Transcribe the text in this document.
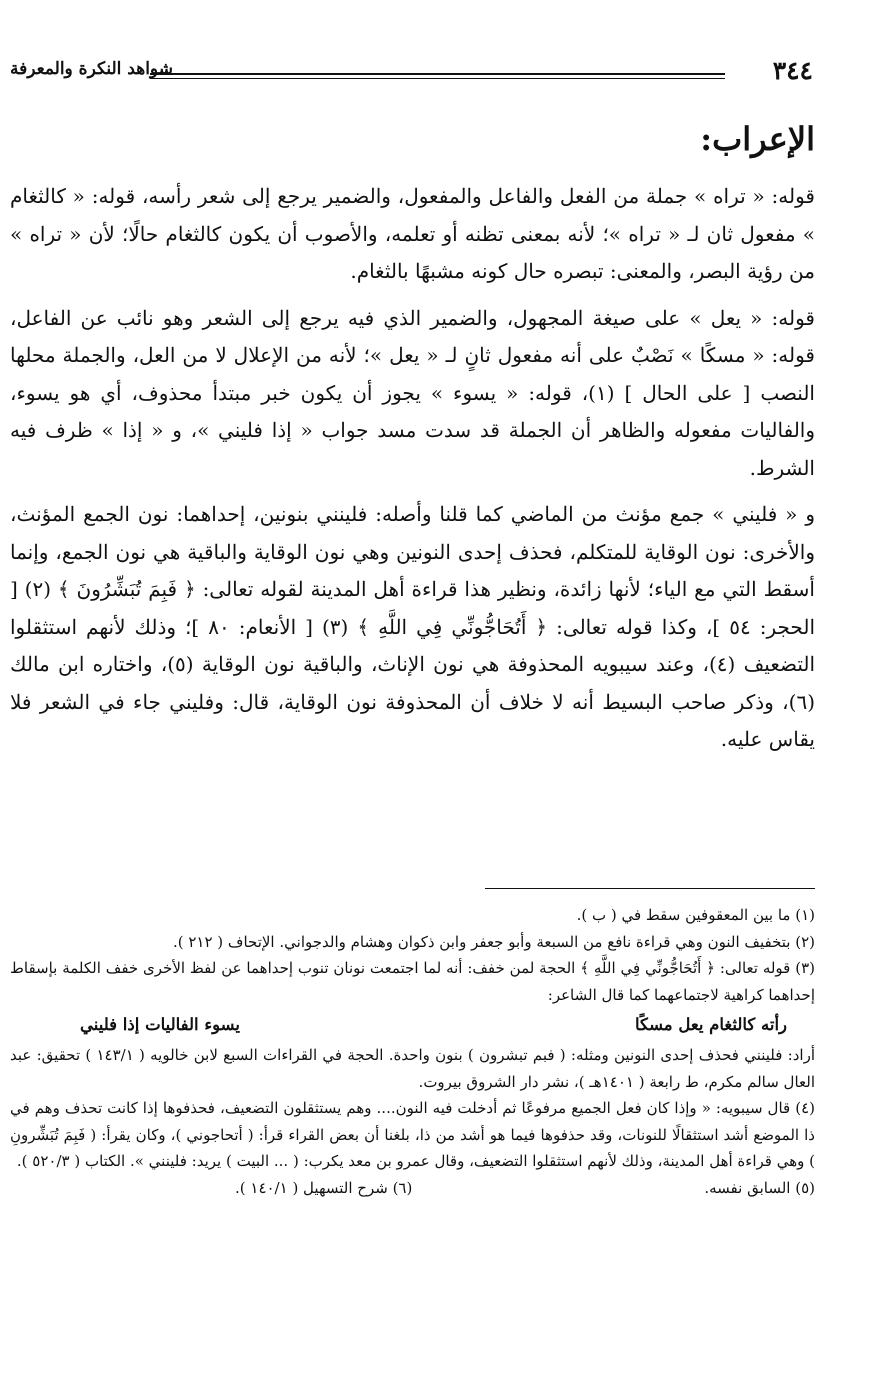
٣٤٤
شواهد النكرة والمعرفة
الإعراب:

قوله: « تراه » جملة من الفعل والفاعل والمفعول، والضمير يرجع إلى شعر رأسه، قوله: « كالثغام » مفعول ثان لـ « تراه »؛ لأنه بمعنى تظنه أو تعلمه، والأصوب أن يكون كالثغام حالًا؛ لأن « تراه » من رؤية البصر، والمعنى: تبصره حال كونه مشبهًا بالثغام.

قوله: « يعل » على صيغة المجهول، والضمير الذي فيه يرجع إلى الشعر وهو نائب عن الفاعل، قوله: « مسكًا » نَصْبٌ على أنه مفعول ثانٍ لـ « يعل »؛ لأنه من الإعلال لا من العل، والجملة محلها النصب [ على الحال ] (١)، قوله: « يسوء » يجوز أن يكون خبر مبتدأ محذوف، أي هو يسوء، والفاليات مفعوله والظاهر أن الجملة قد سدت مسد جواب « إذا فليني »، و « إذا » ظرف فيه الشرط.

و « فليني » جمع مؤنث من الماضي كما قلنا وأصله: فلينني بنونين، إحداهما: نون الجمع المؤنث، والأخرى: نون الوقاية للمتكلم، فحذف إحدى النونين وهي نون الوقاية والباقية هي نون الجمع، وإنما أسقط التي مع الياء؛ لأنها زائدة، ونظير هذا قراءة أهل المدينة لقوله تعالى: ﴿ فَبِمَ تُبَشِّرُونَ ﴾ (٢) [ الحجر: ٥٤ ]، وكذا قوله تعالى: ﴿ أَتُحَاجُّونِّي فِي اللَّهِ ﴾ (٣) [ الأنعام: ٨٠ ]؛ وذلك لأنهم استثقلوا التضعيف (٤)، وعند سيبويه المحذوفة هي نون الإناث، والباقية نون الوقاية (٥)، واختاره ابن مالك (٦)، وذكر صاحب البسيط أنه لا خلاف أن المحذوفة نون الوقاية، قال: وفليني جاء في الشعر فلا يقاس عليه.

(١) ما بين المعقوفين سقط في ( ب ).

(٢) بتخفيف النون وهي قراءة نافع من السبعة وأبو جعفر وابن ذكوان وهشام والدجواني. الإتحاف ( ٢١٢ ).

(٣) قوله تعالى: ﴿ أَتُحَاجُّونِّي فِي اللَّهِ ﴾ الحجة لمن خفف: أنه لما اجتمعت نونان تنوب إحداهما عن لفظ الأخرى خفف الكلمة بإسقاط إحداهما كراهية لاجتماعهما كما قال الشاعر:

رأته كالثغام يعل مسكًا
يسوء الفاليات إذا فليني

أراد: فلينني فحذف إحدى النونين ومثله: ( فبم تبشرون ) بنون واحدة. الحجة في القراءات السبع لابن خالويه ( ١٤٣/١ ) تحقيق: عبد العال سالم مكرم، ط رابعة ( ١٤٠١هـ )، نشر دار الشروق بيروت.

(٤) قال سيبويه: « وإذا كان فعل الجميع مرفوعًا ثم أدخلت فيه النون.... وهم يستثقلون التضعيف، فحذفوها إذا كانت تحذف وهم في ذا الموضع أشد استثقالًا للنونات، وقد حذفوها فيما هو أشد من ذا، بلغنا أن بعض القراء قرأ: ( أتحاجوني )، وكان يقرأ: ( فَبِمَ تُبَشِّرونِ ) وهي قراءة أهل المدينة، وذلك لأنهم استثقلوا التضعيف، وقال عمرو بن معد يكرب: ( ... البيت ) يريد: فلينني ». الكتاب ( ٥٢٠/٣ ).

(٥) السابق نفسه.
(٦) شرح التسهيل ( ١٤٠/١ ).
